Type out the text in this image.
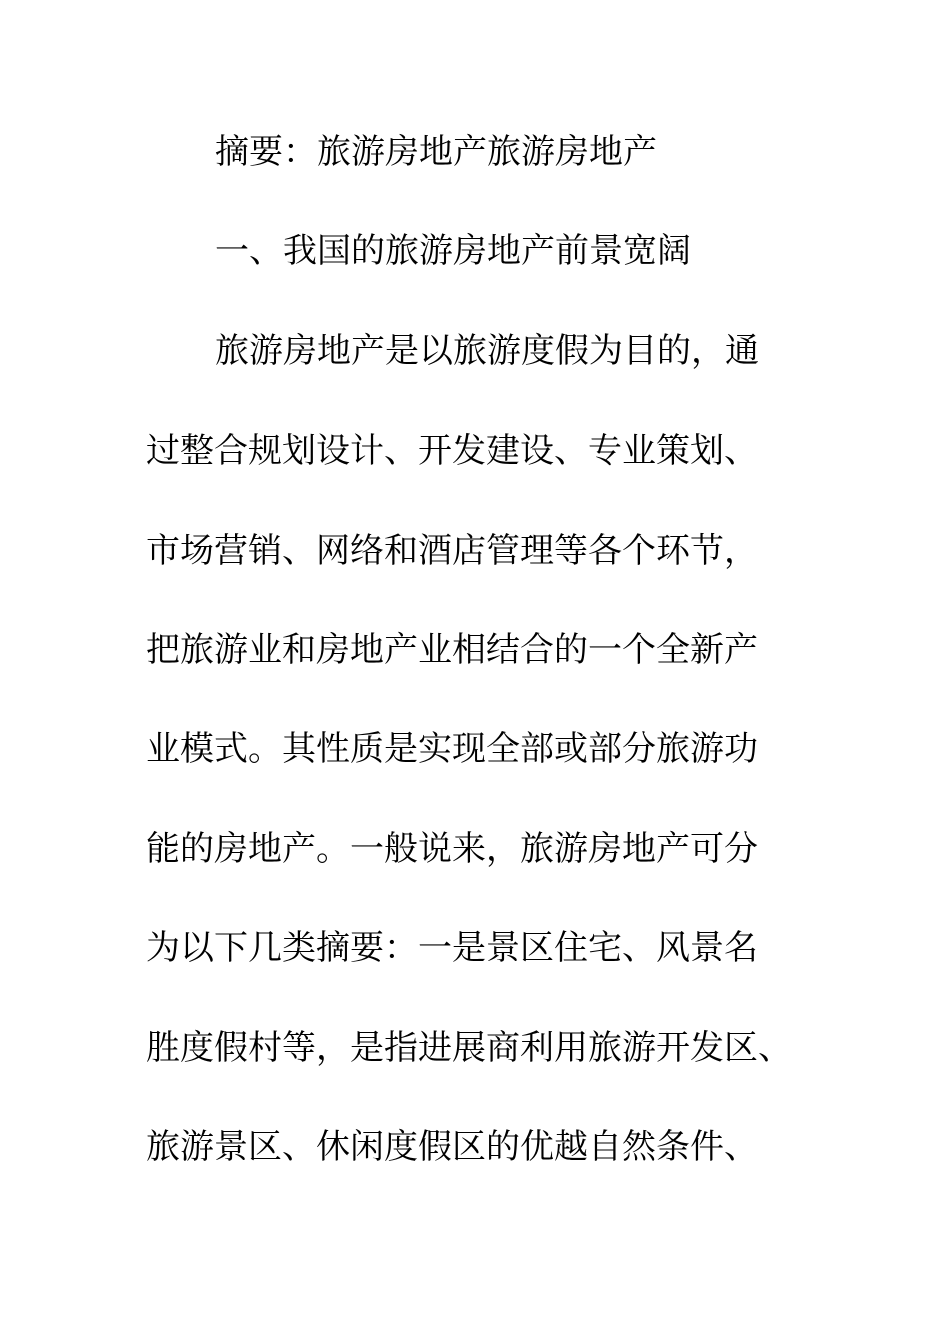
摘要：旅游房地产旅游房地产
一、我国的旅游房地产前景宽阔
旅游房地产是以旅游度假为目的，通
过整合规划设计、开发建设、专业策划、
市场营销、网络和酒店管理等各个环节，
把旅游业和房地产业相结合的一个全新产
业模式。其性质是实现全部或部分旅游功
能的房地产。一般说来，旅游房地产可分
为以下几类摘要：一是景区住宅、风景名
胜度假村等，是指进展商利用旅游开发区、
旅游景区、休闲度假区的优越自然条件、
